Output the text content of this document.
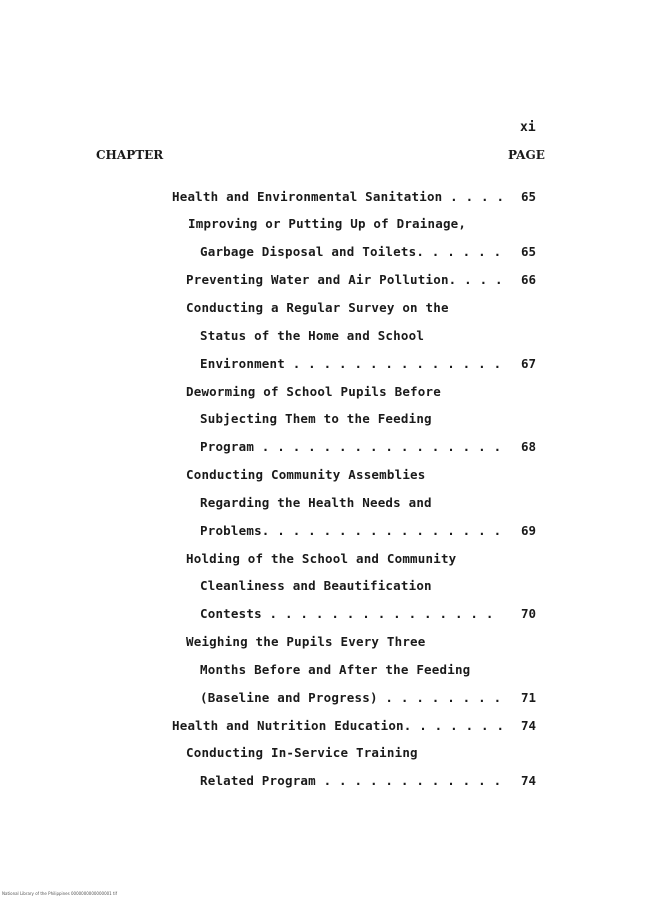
xi
CHAPTER	PAGE
Health and Environmental Sanitation . . . . 65
Improving or Putting Up of Drainage,
Garbage Disposal and Toilets. . . . . . 65
Preventing Water and Air Pollution. . . . 66
Conducting a Regular Survey on the
Status of the Home and School
Environment . . . . . . . . . . . . . . 67
Deworming of School Pupils Before
Subjecting Them to the Feeding
Program . . . . . . . . . . . . . . . . 68
Conducting Community Assemblies
Regarding the Health Needs and
Problems. . . . . . . . . . . . . . . . 69
Holding of the School and Community
Cleanliness and Beautification
Contests . . . . . . . . . . . . . . . 70
Weighing the Pupils Every Three
Months Before and After the Feeding
(Baseline and Progress) . . . . . . . . 71
Health and Nutrition Education. . . . . . . 74
Conducting In-Service Training
Related Program . . . . . . . . . . . . 74
National Library of the Philippines 0000000000000001 tif
